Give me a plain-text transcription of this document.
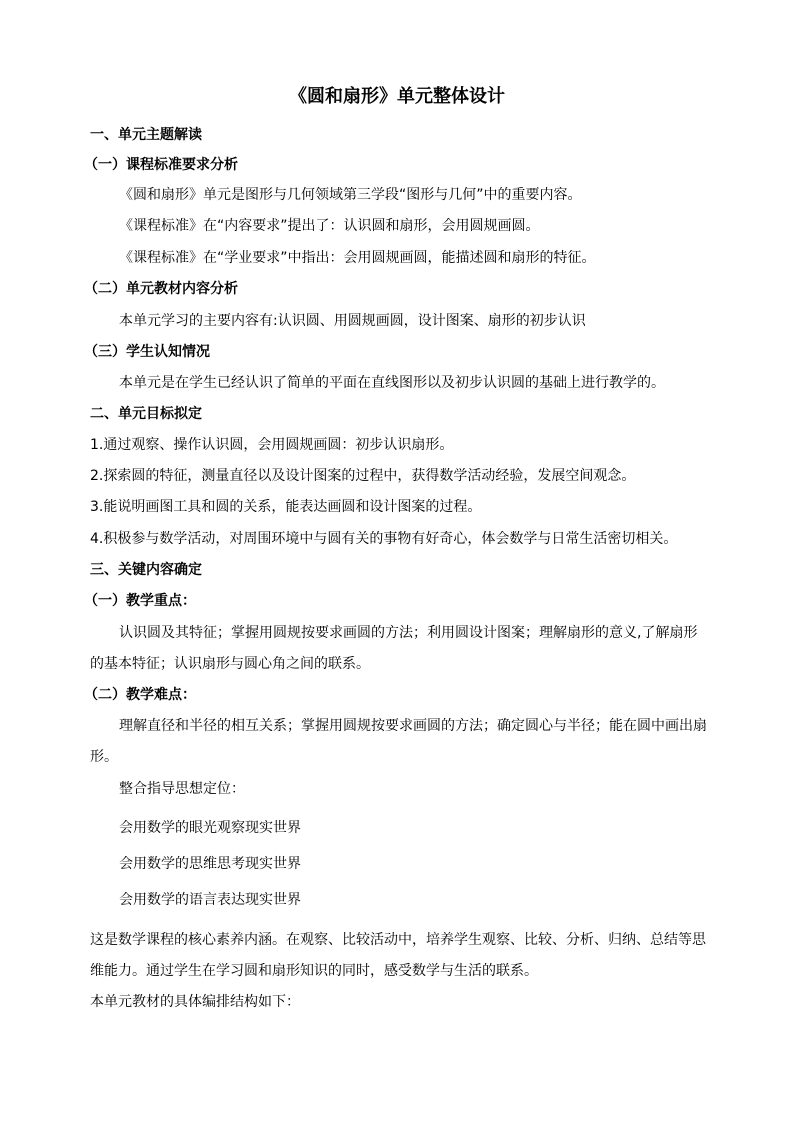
《圆和扇形》单元整体设计
一、单元主题解读
（一）课程标准要求分析
《圆和扇形》单元是图形与几何领域第三学段“图形与几何”中的重要内容。
《课程标准》在“内容要求”提出了：认识圆和扇形，会用圆规画圆。
《课程标准》在“学业要求”中指出：会用圆规画圆，能描述圆和扇形的特征。
（二）单元教材内容分析
本单元学习的主要内容有:认识圆、用圆规画圆，设计图案、扇形的初步认识
（三）学生认知情况
本单元是在学生已经认识了简单的平面在直线图形以及初步认识圆的基础上进行教学的。
二、单元目标拟定
1.通过观察、操作认识圆，会用圆规画圆：初步认识扇形。
2.探索圆的特征，测量直径以及设计图案的过程中，获得数学活动经验，发展空间观念。
3.能说明画图工具和圆的关系，能表达画圆和设计图案的过程。
4.积极参与数学活动，对周围环境中与圆有关的事物有好奇心，体会数学与日常生活密切相关。
三、关键内容确定
（一）教学重点：
认识圆及其特征；掌握用圆规按要求画圆的方法；利用圆设计图案；理解扇形的意义,了解扇形
的基本特征；认识扇形与圆心角之间的联系。
（二）教学难点：
理解直径和半径的相互关系；掌握用圆规按要求画圆的方法；确定圆心与半径；能在圆中画出扇
形。
整合指导思想定位：
会用数学的眼光观察现实世界
会用数学的思维思考现实世界
会用数学的语言表达现实世界
这是数学课程的核心素养内涵。在观察、比较活动中，培养学生观察、比较、分析、归纳、总结等思
维能力。通过学生在学习圆和扇形知识的同时，感受数学与生活的联系。
本单元教材的具体编排结构如下：
